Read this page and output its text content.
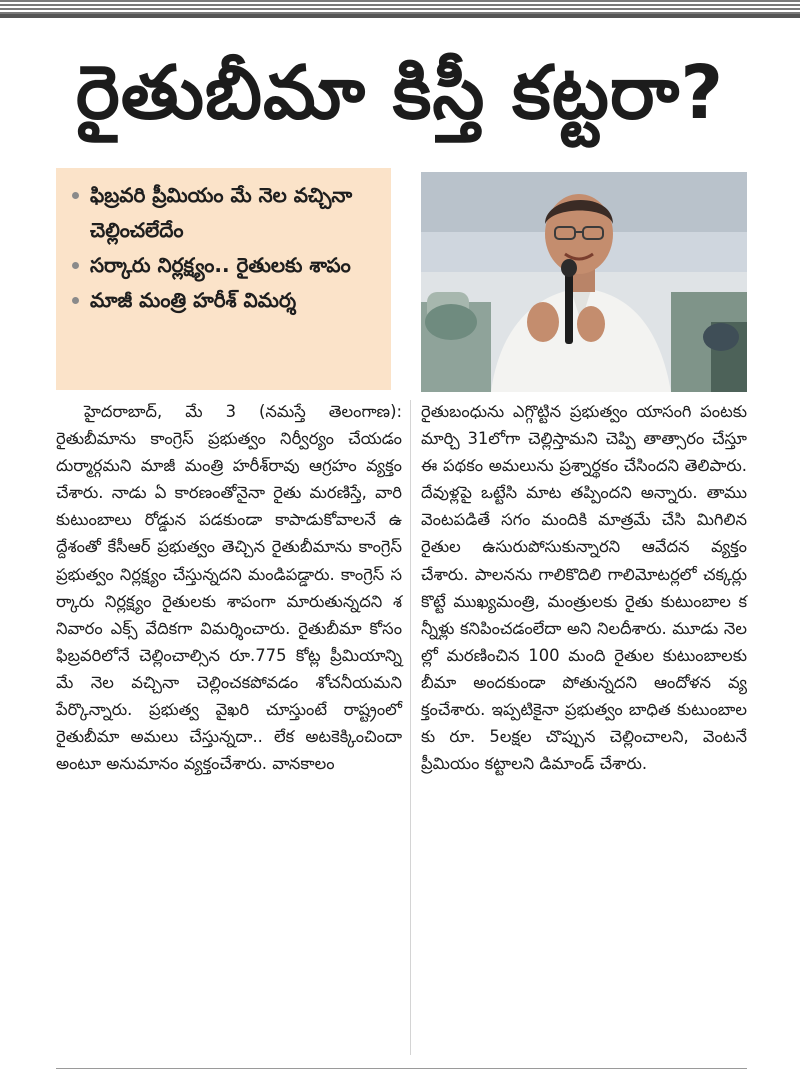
రైతుబీమా కిస్తీ కట్టరా?
ఫిబ్రవరి ప్రీమియం మే నెల వచ్చినా చెల్లించలేదేం
సర్కారు నిర్లక్ష్యం.. రైతులకు శాపం
మాజీ మంత్రి హరీశ్ విమర్శ

హైదరాబాద్, మే 3 (నమస్తే తెలంగాణ): రైతుబీమాను కాంగ్రెస్ ప్రభుత్వం నిర్వీర్యం చేయడం దుర్మార్గమని మాజీ మంత్రి హరీశ్‌రావు ఆగ్రహం వ్యక్తం చేశారు. నాడు ఏ కారణంతోనైనా రైతు మరణిస్తే, వారి కుటుంబాలు రోడ్డున పడకుండా కాపాడుకోవాలనే ఉద్దేశంతో కేసీఆర్ ప్రభుత్వం తెచ్చిన రైతుబీమాను కాంగ్రెస్ ప్రభుత్వం నిర్లక్ష్యం చేస్తున్నదని మండిపడ్డారు. కాంగ్రెస్ సర్కారు నిర్లక్ష్యం రైతులకు శాపంగా మారుతున్నదని శనివారం ఎక్స్ వేదికగా విమర్శించారు. రైతుబీమా కోసం ఫిబ్రవరిలోనే చెల్లించాల్సిన రూ.775 కోట్ల ప్రీమియాన్ని మే నెల వచ్చినా చెల్లించకపోవడం శోచనీయమని పేర్కొన్నారు. ప్రభుత్వ వైఖరి చూస్తుంటే రాష్ట్రంలో రైతుబీమా అమలు చేస్తున్నదా.. లేక అటకెక్కించిందా అంటూ అనుమానం వ్యక్తంచేశారు. వానకాలం

రైతుబంధును ఎగ్గొట్టిన ప్రభుత్వం యాసంగి పంటకు మార్చి 31లోగా చెల్లిస్తామని చెప్పి తాత్సారం చేస్తూ ఈ పథకం అమలును ప్రశ్నార్థకం చేసిందని తెలిపారు. దేవుళ్లపై ఒట్టేసి మాట తప్పిందని అన్నారు. తాము వెంటపడితే సగం మందికి మాత్రమే చేసి మిగిలిన రైతుల ఉసురుపోసుకున్నారని ఆవేదన వ్యక్తం చేశారు. పాలనను గాలికొదిలి గాలిమోటర్లలో చక్కర్లు కొట్టే ముఖ్యమంత్రి, మంత్రులకు రైతు కుటుంబాల కన్నీళ్లు కనిపించడంలేదా అని నిలదీశారు. మూడు నెలల్లో మరణించిన 100 మంది రైతుల కుటుంబాలకు బీమా అందకుండా పోతున్నదని ఆందోళన వ్యక్తంచేశారు. ఇప్పటికైనా ప్రభుత్వం బాధిత కుటుంబాలకు రూ. 5లక్షల చొప్పున చెల్లించాలని, వెంటనే ప్రీమియం కట్టాలని డిమాండ్ చేశారు.
